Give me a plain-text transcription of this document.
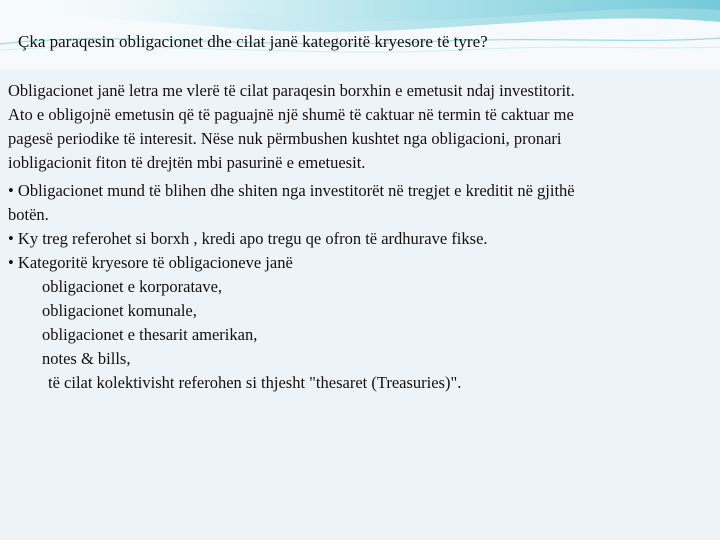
Çka paraqesin obligacionet dhe cilat janë kategoritë kryesore të tyre?
Obligacionet janë letra me vlerë të cilat paraqesin borxhin e emetusit ndaj investitorit.
Ato e obligojnë emetusin që të paguajnë një shumë të caktuar në termin të caktuar me
pagesë periodike të interesit. Nëse nuk përmbushen kushtet nga obligacioni, pronari
iobligacionit fiton të drejtën mbi pasurinë e emetuesit.
• Obligacionet mund të blihen dhe shiten nga investitorët në tregjet e kreditit në gjithë
botën.
• Ky treg referohet si borxh , kredi apo tregu qe ofron të ardhurave fikse.
• Kategoritë kryesore të obligacioneve janë
obligacionet e korporatave,
obligacionet komunale,
obligacionet e thesarit amerikan,
notes & bills,
të cilat kolektivisht referohen si thjesht "thesaret (Treasuries)".
